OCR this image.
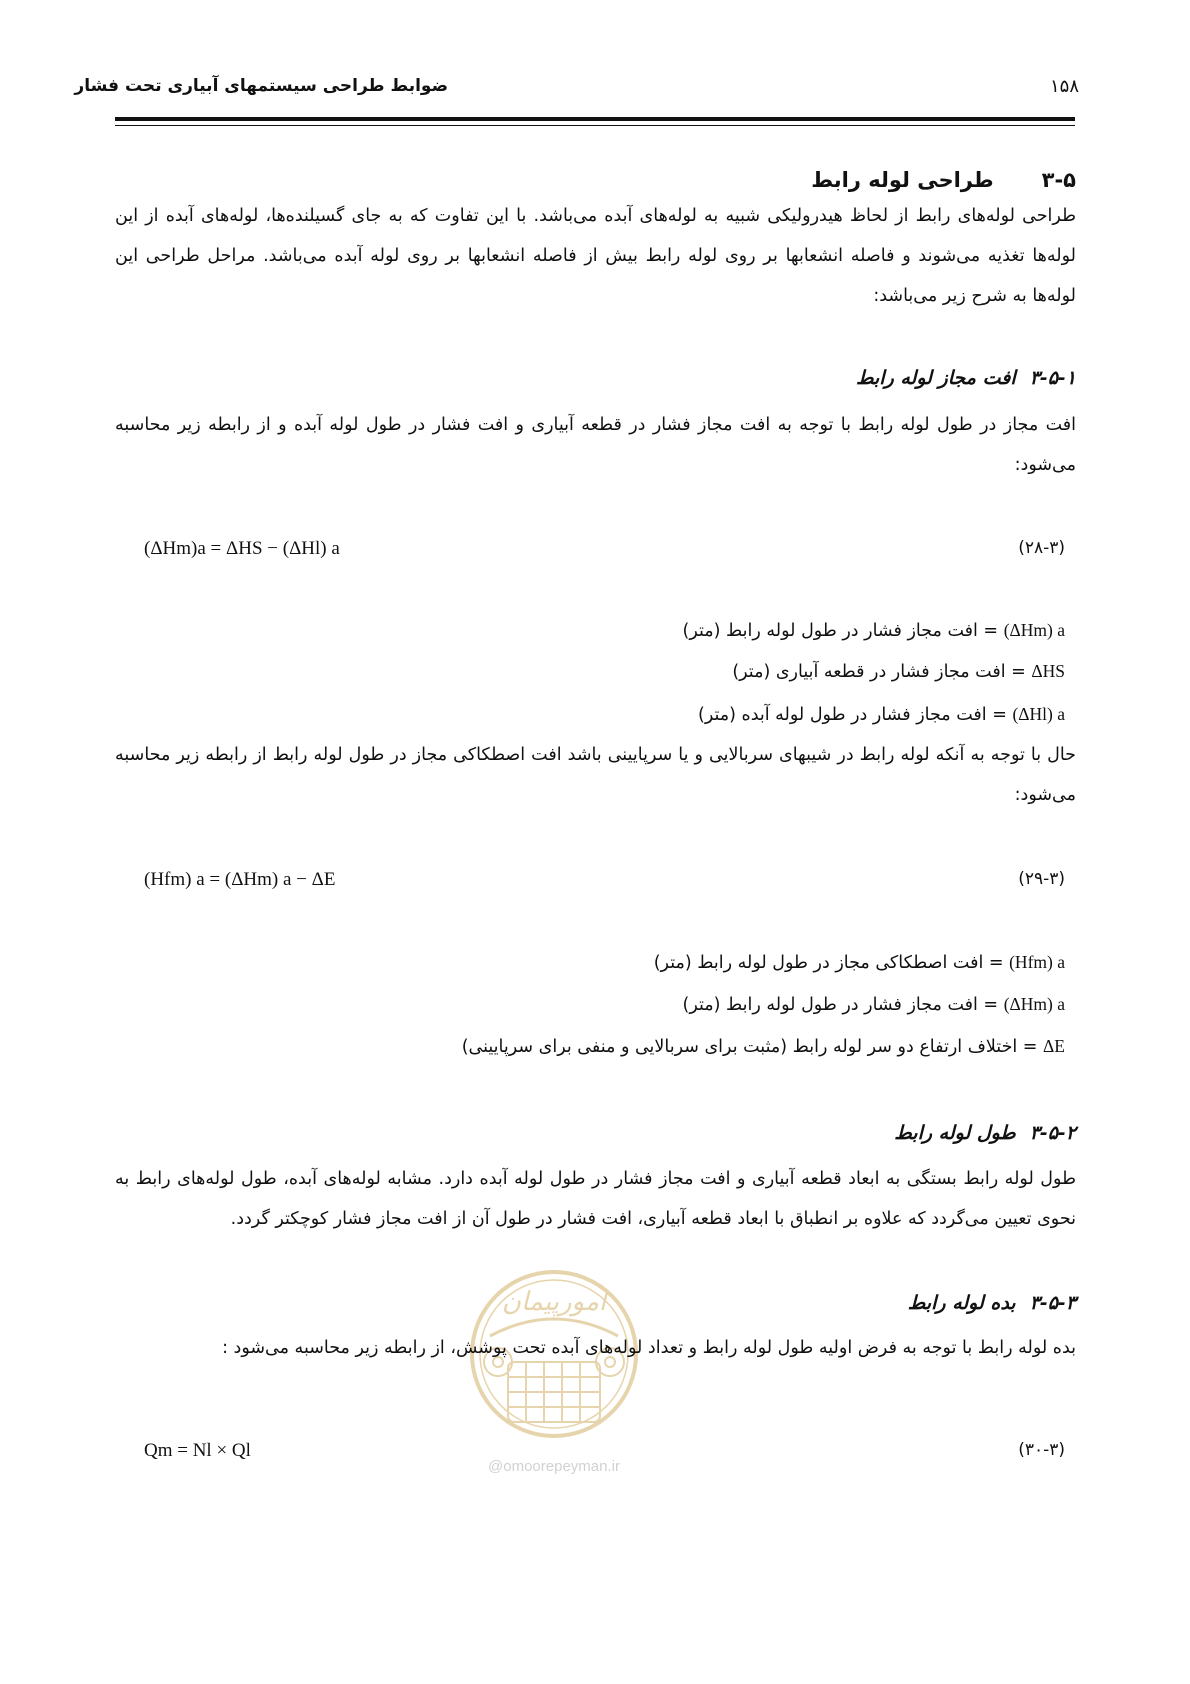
ضوابط طراحی سیستمهای آبیاری تحت فشار	۱۵۸
۳-۵طراحی لوله رابط
طراحی لوله‌های رابط از لحاظ هیدرولیکی شبیه به لوله‌های آبده می‌باشد. با این تفاوت که به جای گسیلنده‌ها، لوله‌های آبده از این لوله‌ها تغذیه می‌شوند و فاصله انشعابها بر روی لوله رابط بیش از فاصله انشعابها بر روی لوله آبده می‌باشد. مراحل طراحی این لوله‌ها به شرح زیر می‌باشد:
۳-۵-۱افت مجاز لوله رابط
افت مجاز در طول لوله رابط با توجه به افت مجاز فشار در قطعه آبیاری و افت فشار در طول لوله آبده و از رابطه زیر محاسبه می‌شود:
(ΔHm)a = ΔHS − (ΔHl) a	(۲۸-۳)
(ΔHm) a = افت مجاز فشار در طول لوله رابط (متر)
ΔHS = افت مجاز فشار در قطعه آبیاری (متر)
(ΔHl) a = افت مجاز فشار در طول لوله آبده (متر)
حال با توجه به آنکه لوله رابط در شیبهای سربالایی و یا سرپایینی باشد افت اصطکاکی مجاز در طول لوله رابط از رابطه زیر محاسبه می‌شود:
(Hfm) a = (ΔHm) a − ΔE	(۲۹-۳)
(Hfm) a = افت اصطکاکی مجاز در طول لوله رابط (متر)
(ΔHm) a = افت مجاز فشار در طول لوله رابط (متر)
ΔE = اختلاف ارتفاع دو سر لوله رابط (مثبت برای سربالایی و منفی برای سرپایینی)
۳-۵-۲طول لوله رابط
طول لوله رابط بستگی به ابعاد قطعه آبیاری و افت مجاز فشار در طول لوله آبده دارد. مشابه لوله‌های آبده، طول لوله‌های رابط به نحوی تعیین می‌گردد که علاوه بر انطباق با ابعاد قطعه آبیاری، افت فشار در طول آن از افت مجاز فشار کوچکتر گردد.
امورپیمان
@omoorepeyman.ir
۳-۵-۳بده لوله رابط
بده لوله رابط با توجه به فرض اولیه طول لوله رابط و تعداد لوله‌های آبده تحت پوشش، از رابطه زیر محاسبه می‌شود :
Qm = Nl × Ql	(۳۰-۳)
